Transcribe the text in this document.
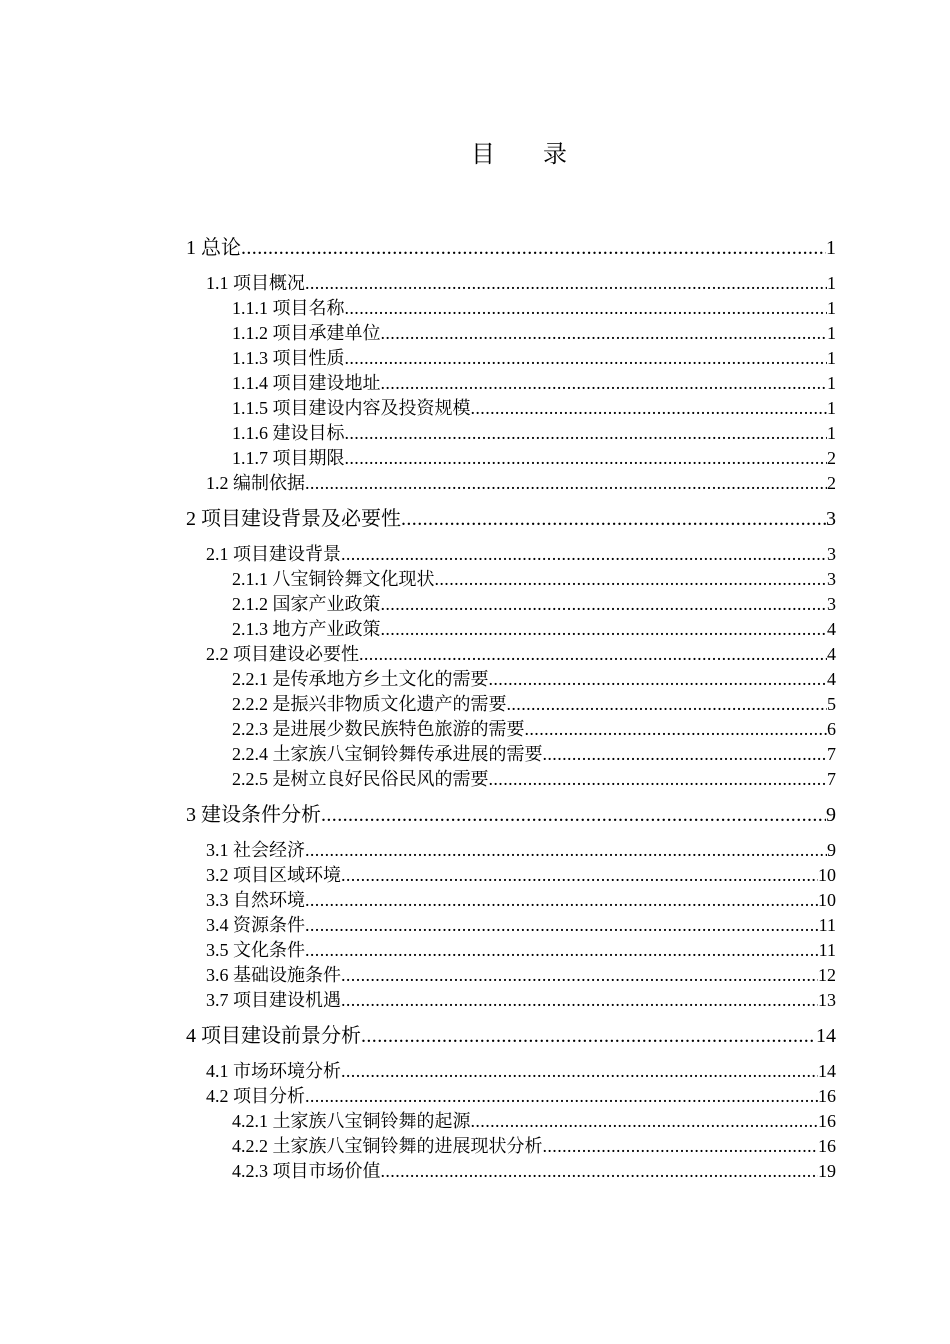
目　录
1 总论 .....	1
1.1 项目概况 .....	1
1.1.1 项目名称 .....	1
1.1.2 项目承建单位 .....	1
1.1.3 项目性质 .....	1
1.1.4 项目建设地址 .....	1
1.1.5 项目建设内容及投资规模 .....	1
1.1.6 建设目标 .....	1
1.1.7 项目期限 .....	2
1.2 编制依据 .....	2
2 项目建设背景及必要性 .....	3
2.1 项目建设背景 .....	3
2.1.1 八宝铜铃舞文化现状 .....	3
2.1.2 国家产业政策 .....	3
2.1.3 地方产业政策 .....	4
2.2 项目建设必要性 .....	4
2.2.1 是传承地方乡土文化的需要 .....	4
2.2.2 是振兴非物质文化遗产的需要 .....	5
2.2.3 是进展少数民族特色旅游的需要 .....	6
2.2.4 土家族八宝铜铃舞传承进展的需要 .....	7
2.2.5 是树立良好民俗民风的需要 .....	7
3 建设条件分析 .....	9
3.1 社会经济 .....	9
3.2 项目区域环境 .....	10
3.3 自然环境 .....	10
3.4 资源条件 .....	11
3.5 文化条件 .....	11
3.6 基础设施条件 .....	12
3.7 项目建设机遇 .....	13
4 项目建设前景分析 .....	14
4.1 市场环境分析 .....	14
4.2 项目分析 .....	16
4.2.1 土家族八宝铜铃舞的起源 .....	16
4.2.2 土家族八宝铜铃舞的进展现状分析 .....	16
4.2.3 项目市场价值 .....	19
